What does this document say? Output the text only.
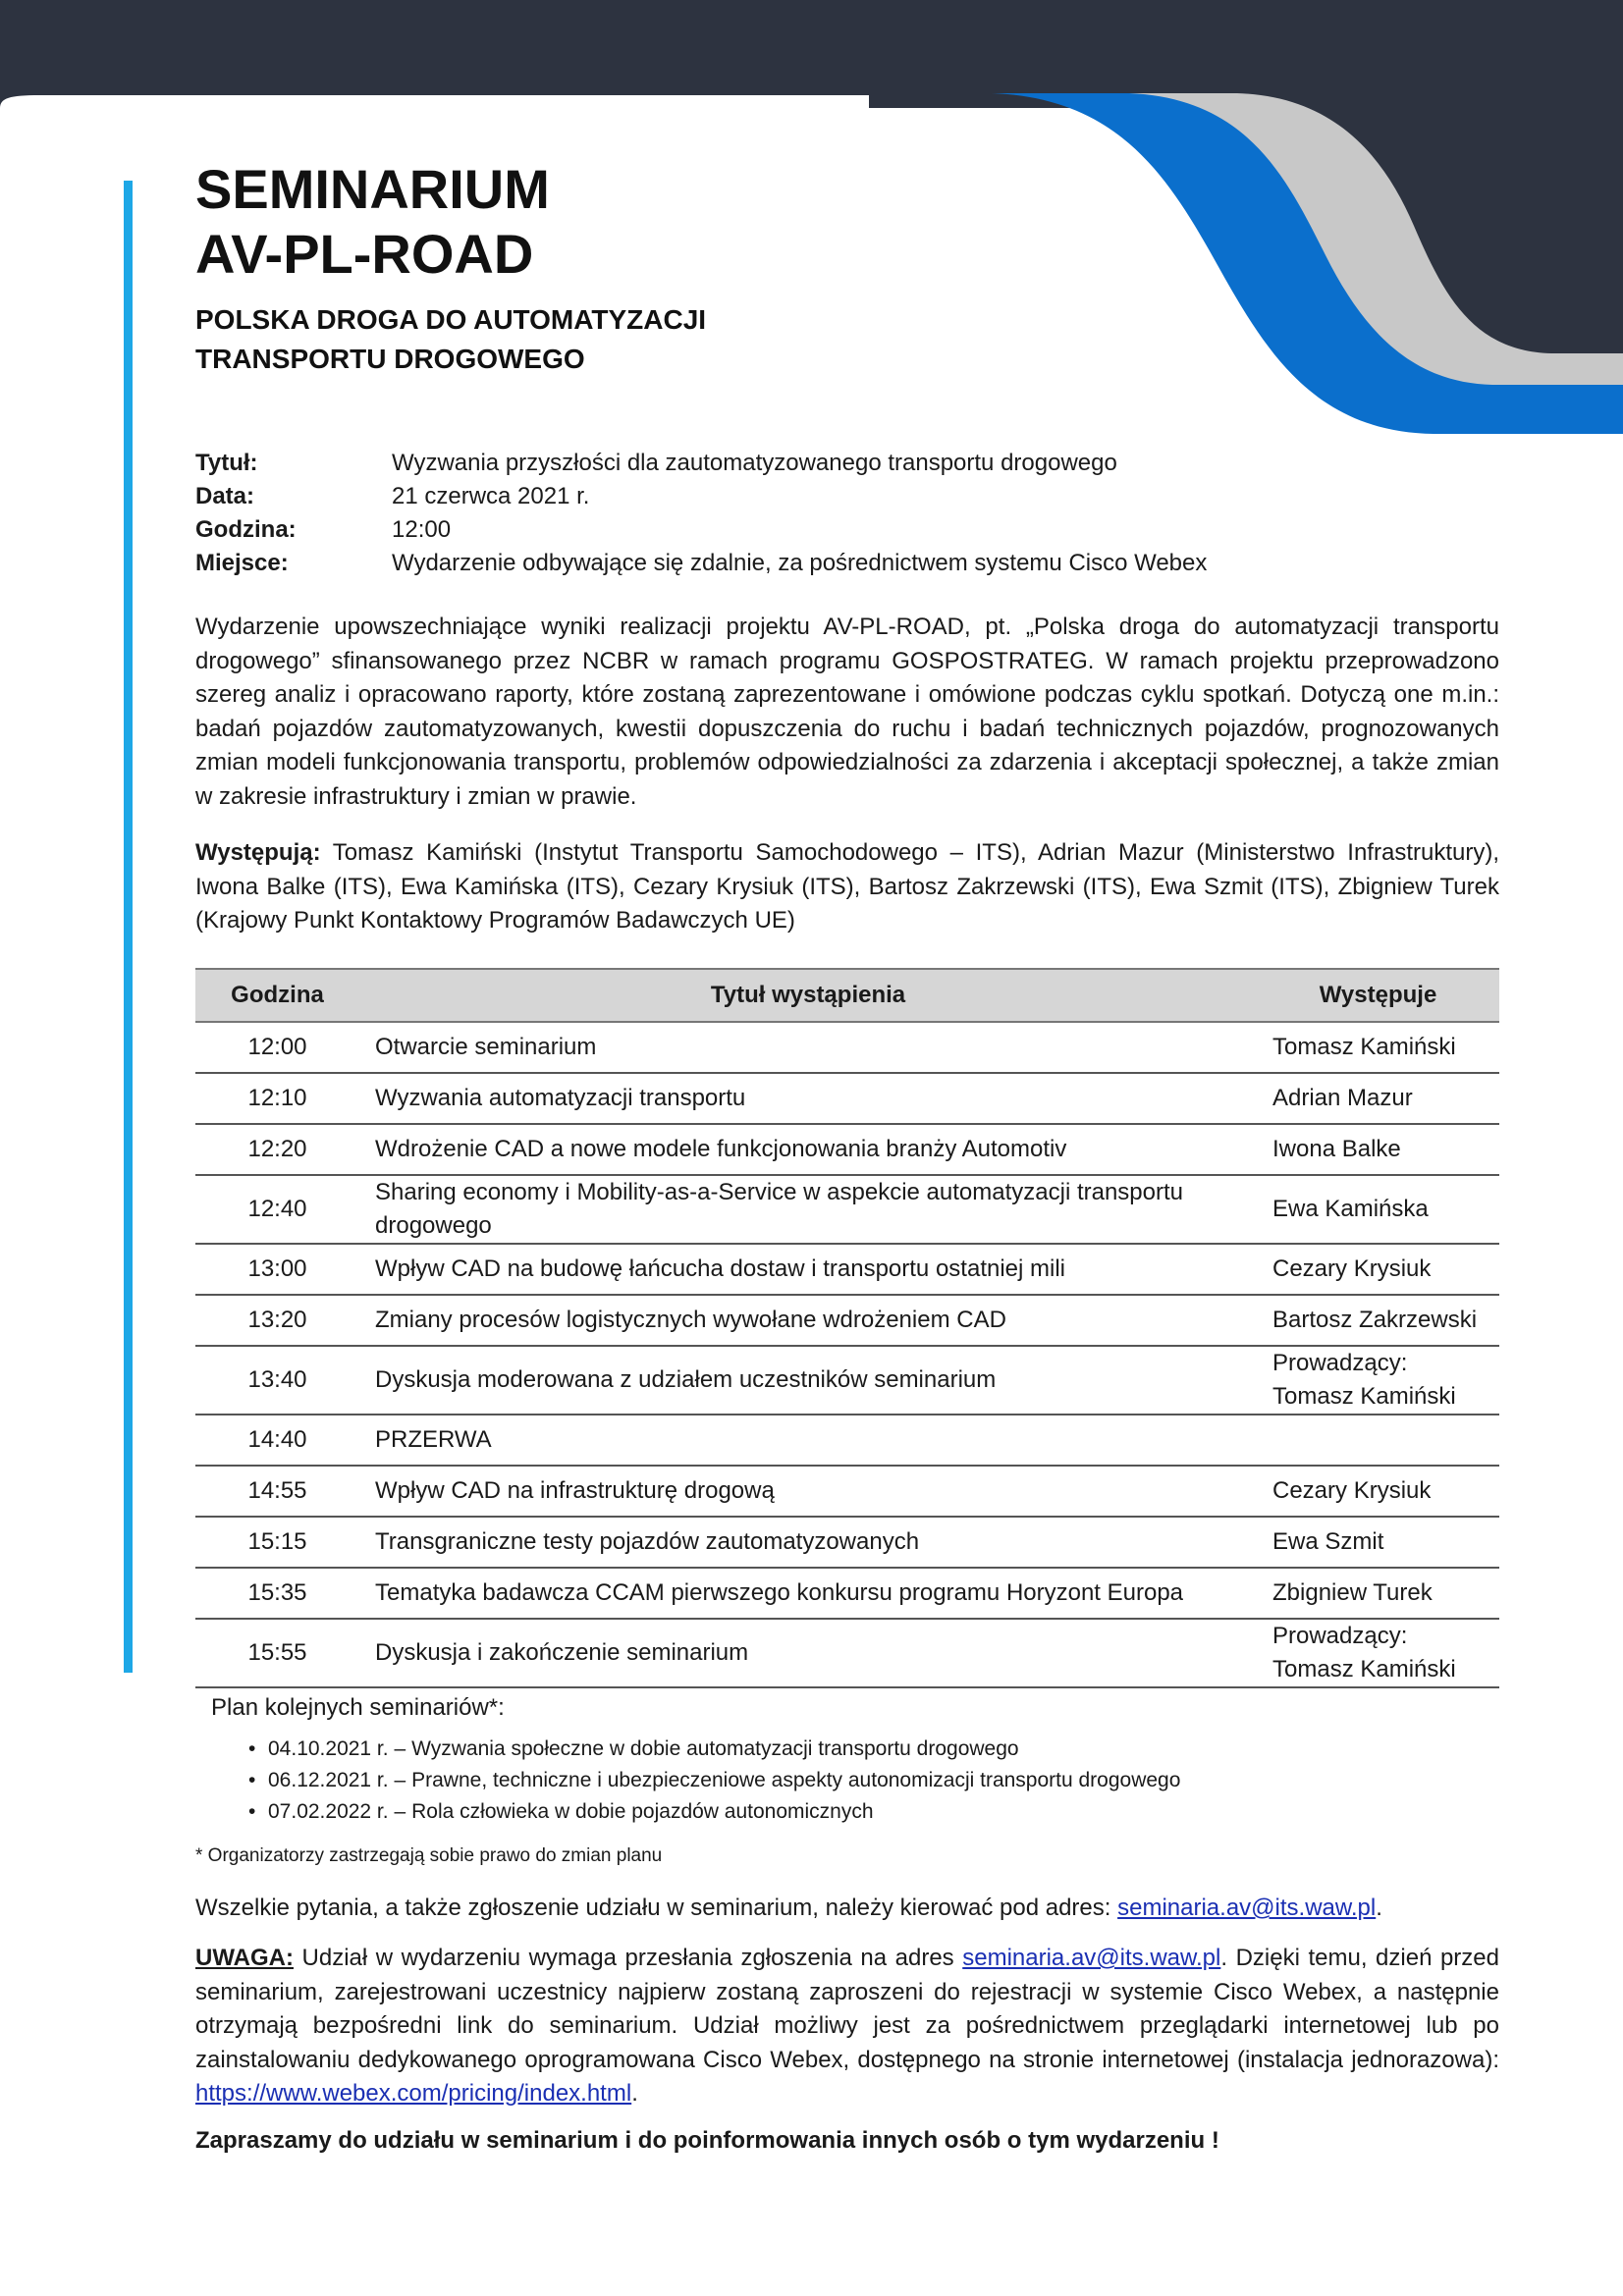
SEMINARIUM
AV-PL-ROAD
POLSKA DROGA DO AUTOMATYZACJI
TRANSPORTU DROGOWEGO
Tytuł:	Wyzwania przyszłości dla zautomatyzowanego transportu drogowego
Data:	21 czerwca 2021 r.
Godzina:	12:00
Miejsce:	Wydarzenie odbywające się zdalnie, za pośrednictwem systemu Cisco Webex
Wydarzenie upowszechniające wyniki realizacji projektu AV-PL-ROAD, pt. „Polska droga do automatyzacji transportu drogowego” sfinansowanego przez NCBR w ramach programu GOSPOSTRATEG. W ramach projektu przeprowadzono szereg analiz i opracowano raporty, które zostaną zaprezentowane i omówione podczas cyklu spotkań. Dotyczą one m.in.: badań pojazdów zautomatyzowanych, kwestii dopuszczenia do ruchu i badań technicznych pojazdów, prognozowanych zmian modeli funkcjonowania transportu, problemów odpowiedzialności za zdarzenia i akceptacji społecznej, a także zmian w zakresie infrastruktury i zmian w prawie.
Występują: Tomasz Kamiński (Instytut Transportu Samochodowego – ITS), Adrian Mazur (Ministerstwo Infrastruktury), Iwona Balke (ITS), Ewa Kamińska (ITS), Cezary Krysiuk (ITS), Bartosz Zakrzewski (ITS), Ewa Szmit (ITS), Zbigniew Turek (Krajowy Punkt Kontaktowy Programów Badawczych UE)
Godzina	Tytuł wystąpienia	Występuje
12:00	Otwarcie seminarium	Tomasz Kamiński

12:10	Wyzwania automatyzacji transportu	Adrian Mazur

12:20	Wdrożenie CAD a nowe modele funkcjonowania branży Automotiv	Iwona Balke

12:40	Sharing economy i Mobility-as-a-Service w aspekcie automatyzacji transportu
drogowego	Ewa Kamińska

13:00	Wpływ CAD na budowę łańcucha dostaw i transportu ostatniej mili	Cezary Krysiuk

13:20	Zmiany procesów logistycznych wywołane wdrożeniem CAD	Bartosz Zakrzewski

13:40	Dyskusja moderowana z udziałem uczestników seminarium	Prowadzący:
Tomasz Kamiński

14:40	PRZERWA	

14:55	Wpływ CAD na infrastrukturę drogową	Cezary Krysiuk

15:15	Transgraniczne testy pojazdów zautomatyzowanych	Ewa Szmit

15:35	Tematyka badawcza CCAM pierwszego konkursu programu Horyzont Europa	Zbigniew Turek

15:55	Dyskusja i zakończenie seminarium	Prowadzący:
Tomasz Kamiński
Plan kolejnych seminariów*:
• 04.10.2021 r. – Wyzwania społeczne w dobie automatyzacji transportu drogowego
• 06.12.2021 r. – Prawne, techniczne i ubezpieczeniowe aspekty autonomizacji transportu drogowego
• 07.02.2022 r. – Rola człowieka w dobie pojazdów autonomicznych
* Organizatorzy zastrzegają sobie prawo do zmian planu
Wszelkie pytania, a także zgłoszenie udziału w seminarium, należy kierować pod adres: seminaria.av@its.waw.pl.
UWAGA: Udział w wydarzeniu wymaga przesłania zgłoszenia na adres seminaria.av@its.waw.pl. Dzięki temu, dzień przed seminarium, zarejestrowani uczestnicy najpierw zostaną zaproszeni do rejestracji w systemie Cisco Webex, a następnie otrzymają bezpośredni link do seminarium. Udział możliwy jest za pośrednictwem przeglądarki internetowej lub po zainstalowaniu dedykowanego oprogramowana Cisco Webex, dostępnego na stronie internetowej (instalacja jednorazowa): https://www.webex.com/pricing/index.html.
Zapraszamy do udziału w seminarium i do poinformowania innych osób o tym wydarzeniu !
